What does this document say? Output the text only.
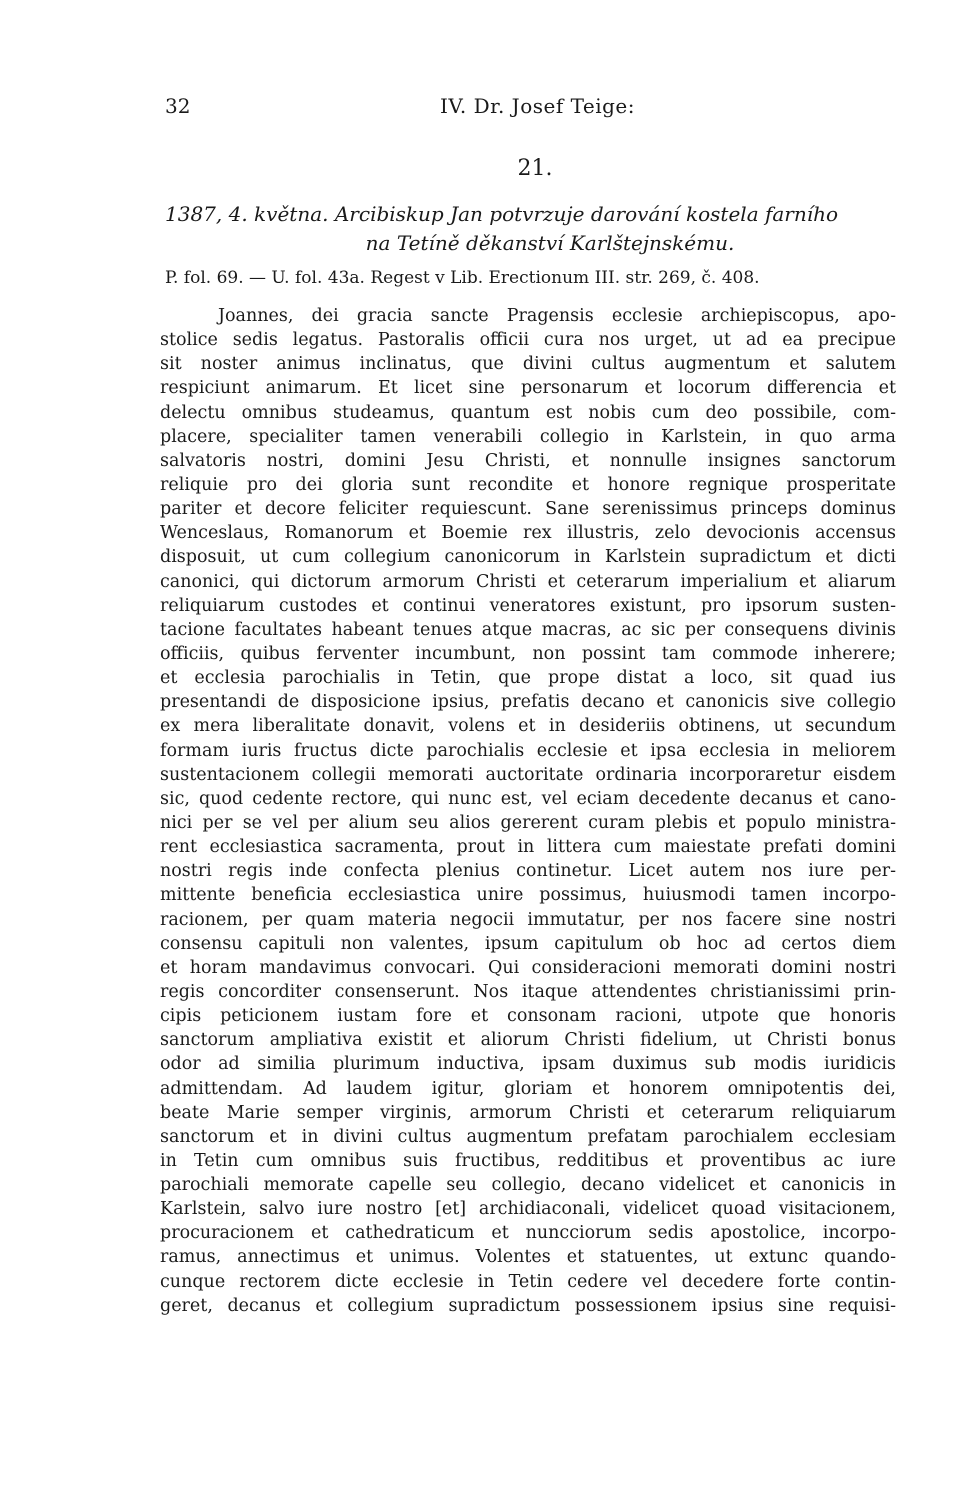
32	IV. Dr. Josef Teige:
21.
1387, 4. května. Arcibiskup Jan potvrzuje darování kostela farního
na Tetíně děkanství Karlštejnskému.
P. fol. 69. — U. fol. 43a. Regest v Lib. Erectionum III. str. 269, č. 408.
Joannes, dei gracia sancte Pragensis ecclesie archiepiscopus, apo-
stolice sedis legatus. Pastoralis officii cura nos urget, ut ad ea precipue
sit noster animus inclinatus, que divini cultus augmentum et salutem
respiciunt animarum. Et licet sine personarum et locorum differencia et
delectu omnibus studeamus, quantum est nobis cum deo possibile, com-
placere, specialiter tamen venerabili collegio in Karlstein, in quo arma
salvatoris nostri, domini Jesu Christi, et nonnulle insignes sanctorum
reliquie pro dei gloria sunt recondite et honore regnique prosperitate
pariter et decore feliciter requiescunt. Sane serenissimus princeps dominus
Wenceslaus, Romanorum et Boemie rex illustris, zelo devocionis accensus
disposuit, ut cum collegium canonicorum in Karlstein supradictum et dicti
canonici, qui dictorum armorum Christi et ceterarum imperialium et aliarum
reliquiarum custodes et continui veneratores existunt, pro ipsorum susten-
tacione facultates habeant tenues atque macras, ac sic per consequens divinis
officiis, quibus ferventer incumbunt, non possint tam commode inherere;
et ecclesia parochialis in Tetin, que prope distat a loco, sit quad ius
presentandi de disposicione ipsius, prefatis decano et canonicis sive collegio
ex mera liberalitate donavit, volens et in desideriis obtinens, ut secundum
formam iuris fructus dicte parochialis ecclesie et ipsa ecclesia in meliorem
sustentacionem collegii memorati auctoritate ordinaria incorporaretur eisdem
sic, quod cedente rectore, qui nunc est, vel eciam decedente decanus et cano-
nici per se vel per alium seu alios gererent curam plebis et populo ministra-
rent ecclesiastica sacramenta, prout in littera cum maiestate prefati domini
nostri regis inde confecta plenius continetur. Licet autem nos iure per-
mittente beneficia ecclesiastica unire possimus, huiusmodi tamen incorpo-
racionem, per quam materia negocii immutatur, per nos facere sine nostri
consensu capituli non valentes, ipsum capitulum ob hoc ad certos diem
et horam mandavimus convocari. Qui consideracioni memorati domini nostri
regis concorditer consenserunt. Nos itaque attendentes christianissimi prin-
cipis peticionem iustam fore et consonam racioni, utpote que honoris
sanctorum ampliativa existit et aliorum Christi fidelium, ut Christi bonus
odor ad similia plurimum inductiva, ipsam duximus sub modis iuridicis
admittendam. Ad laudem igitur, gloriam et honorem omnipotentis dei,
beate Marie semper virginis, armorum Christi et ceterarum reliquiarum
sanctorum et in divini cultus augmentum prefatam parochialem ecclesiam
in Tetin cum omnibus suis fructibus, redditibus et proventibus ac iure
parochiali memorate capelle seu collegio, decano videlicet et canonicis in
Karlstein, salvo iure nostro [et] archidiaconali, videlicet quoad visitacionem,
procuracionem et cathedraticum et nuncciorum sedis apostolice, incorpo-
ramus, annectimus et unimus. Volentes et statuentes, ut extunc quando-
cunque rectorem dicte ecclesie in Tetin cedere vel decedere forte contin-
geret, decanus et collegium supradictum possessionem ipsius sine requisi-
